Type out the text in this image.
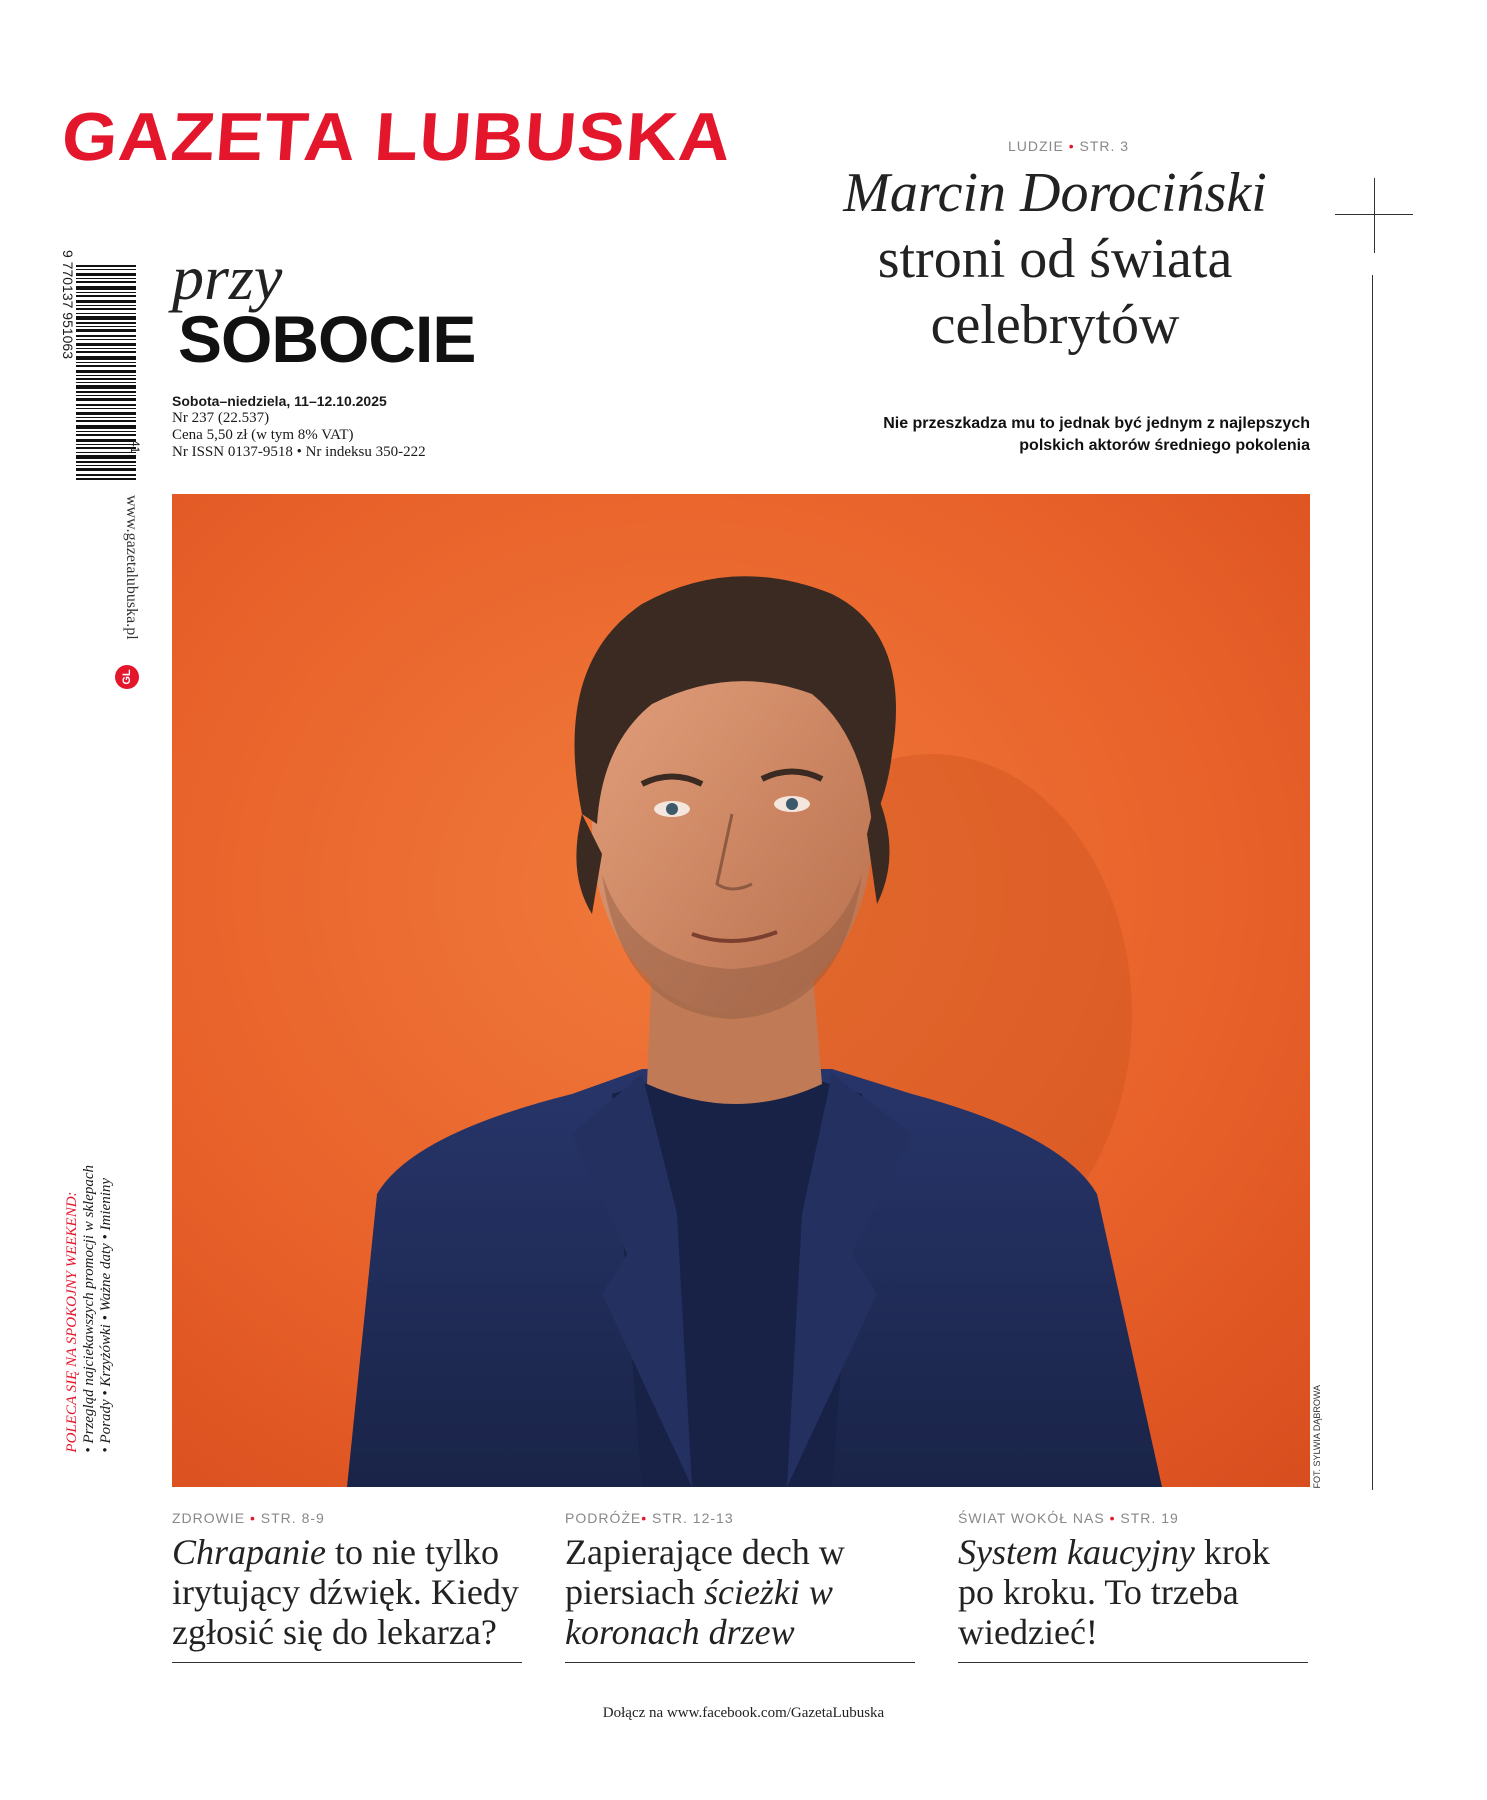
GAZETA LUBUSKA
przy
SOBOCIE
Sobota–niedziela, 11–12.10.2025
Nr 237 (22.537)
Cena 5,50 zł (w tym 8% VAT)
Nr ISSN 0137-9518 • Nr indeksu 350-222
9 770137 951063
41
www.gazetalubuska.pl
GL
POLECA SIĘ NA SPOKOJNY WEEKEND: • Przegląd najciekawszych promocji w sklepach • Porady • Krzyżówki • Ważne daty • Imieniny
LUDZIE • STR. 3
Marcin Dorociński
stroni od świata
celebrytów
Nie przeszkadza mu to jednak być jednym z najlepszych polskich aktorów średniego pokolenia
FOT. SYLWIA DĄBROWA
ZDROWIE • STR. 8-9
Chrapanie to nie tylko irytujący dźwięk. Kiedy zgłosić się do lekarza?
PODRÓŻE• STR. 12-13
Zapierające dech w piersiach ścieżki w koronach drzew
ŚWIAT WOKÓŁ NAS • STR. 19
System kaucyjny krok po kroku. To trzeba wiedzieć!
Dołącz na www.facebook.com/GazetaLubuska
